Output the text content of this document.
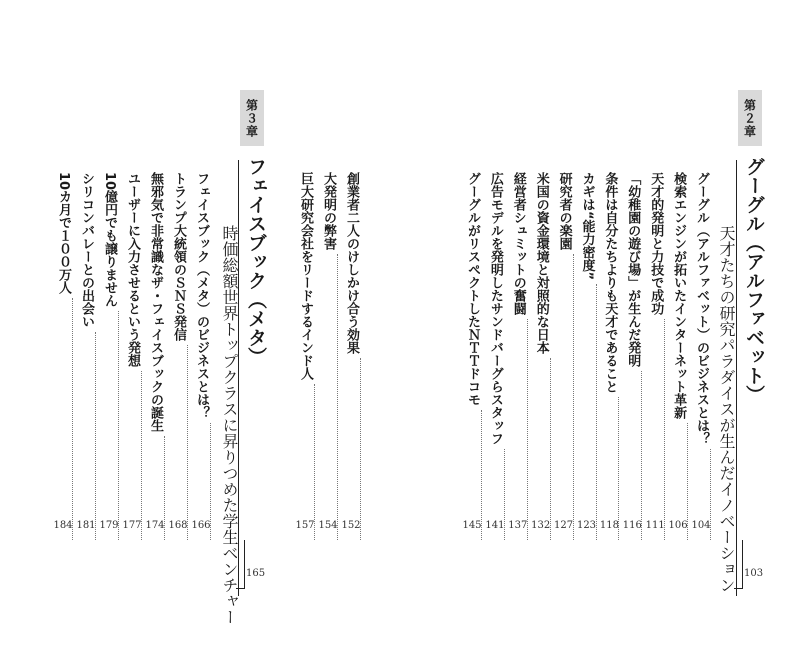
第２章
グーグル（アルファベット）
天才たちの研究パラダイスが生んだイノベーション 103
グーグル（アルファベット）のビジネスとは？
104
検索エンジンが拓いたインターネット革新
106
天才的発明と力技で成功
111
「幼稚園の遊び場」が生んだ発明
116
条件は自分たちよりも天才であること
118
カギは“能力密度”
123
研究者の楽園
127
米国の資金環境と対照的な日本
132
経営者シュミットの奮闘
137
広告モデルを発明したサンドバーグらスタッフ
141
グーグルがリスペクトしたＮＴＴドコモ
145
創業者二人のけしかけ合う効果
152
大発明の弊害
154
巨大研究会社をリードするインド人
157
第３章
フェイスブック（メタ）
時価総額世界トップクラスに昇りつめた学生ベンチャー 165
フェイスブック（メタ）のビジネスとは？
166
トランプ大統領のＳＮＳ発信
168
無邪気で非常識なザ・フェイスブックの誕生
174
ユーザーに入力させるという発想
177
10億円でも譲りません
179
シリコンバレーとの出会い
181
10カ月で１００万人
184
